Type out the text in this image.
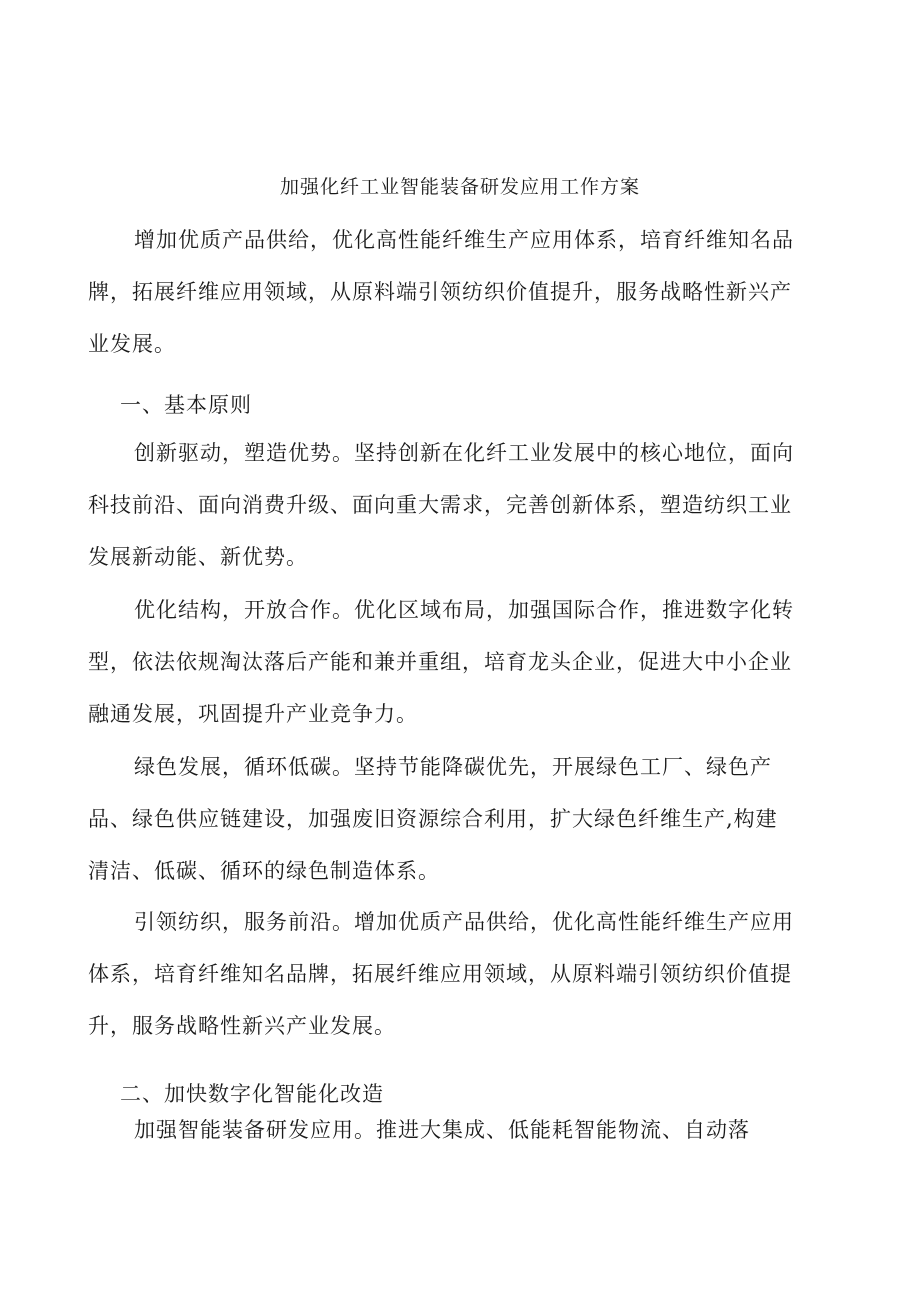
加强化纤工业智能装备研发应用工作方案
增加优质产品供给，优化高性能纤维生产应用体系，培育纤维知名品
牌，拓展纤维应用领域，从原料端引领纺织价值提升，服务战略性新兴产
业发展。
一、基本原则
创新驱动，塑造优势。坚持创新在化纤工业发展中的核心地位，面向
科技前沿、面向消费升级、面向重大需求，完善创新体系，塑造纺织工业
发展新动能、新优势。
优化结构，开放合作。优化区域布局，加强国际合作，推进数字化转
型，依法依规淘汰落后产能和兼并重组，培育龙头企业，促进大中小企业
融通发展，巩固提升产业竞争力。
绿色发展，循环低碳。坚持节能降碳优先，开展绿色工厂、绿色产
品、绿色供应链建设，加强废旧资源综合利用，扩大绿色纤维生产,构建
清洁、低碳、循环的绿色制造体系。
引领纺织，服务前沿。增加优质产品供给，优化高性能纤维生产应用
体系，培育纤维知名品牌，拓展纤维应用领域，从原料端引领纺织价值提
升，服务战略性新兴产业发展。
二、加快数字化智能化改造
加强智能装备研发应用。推进大集成、低能耗智能物流、自动落
